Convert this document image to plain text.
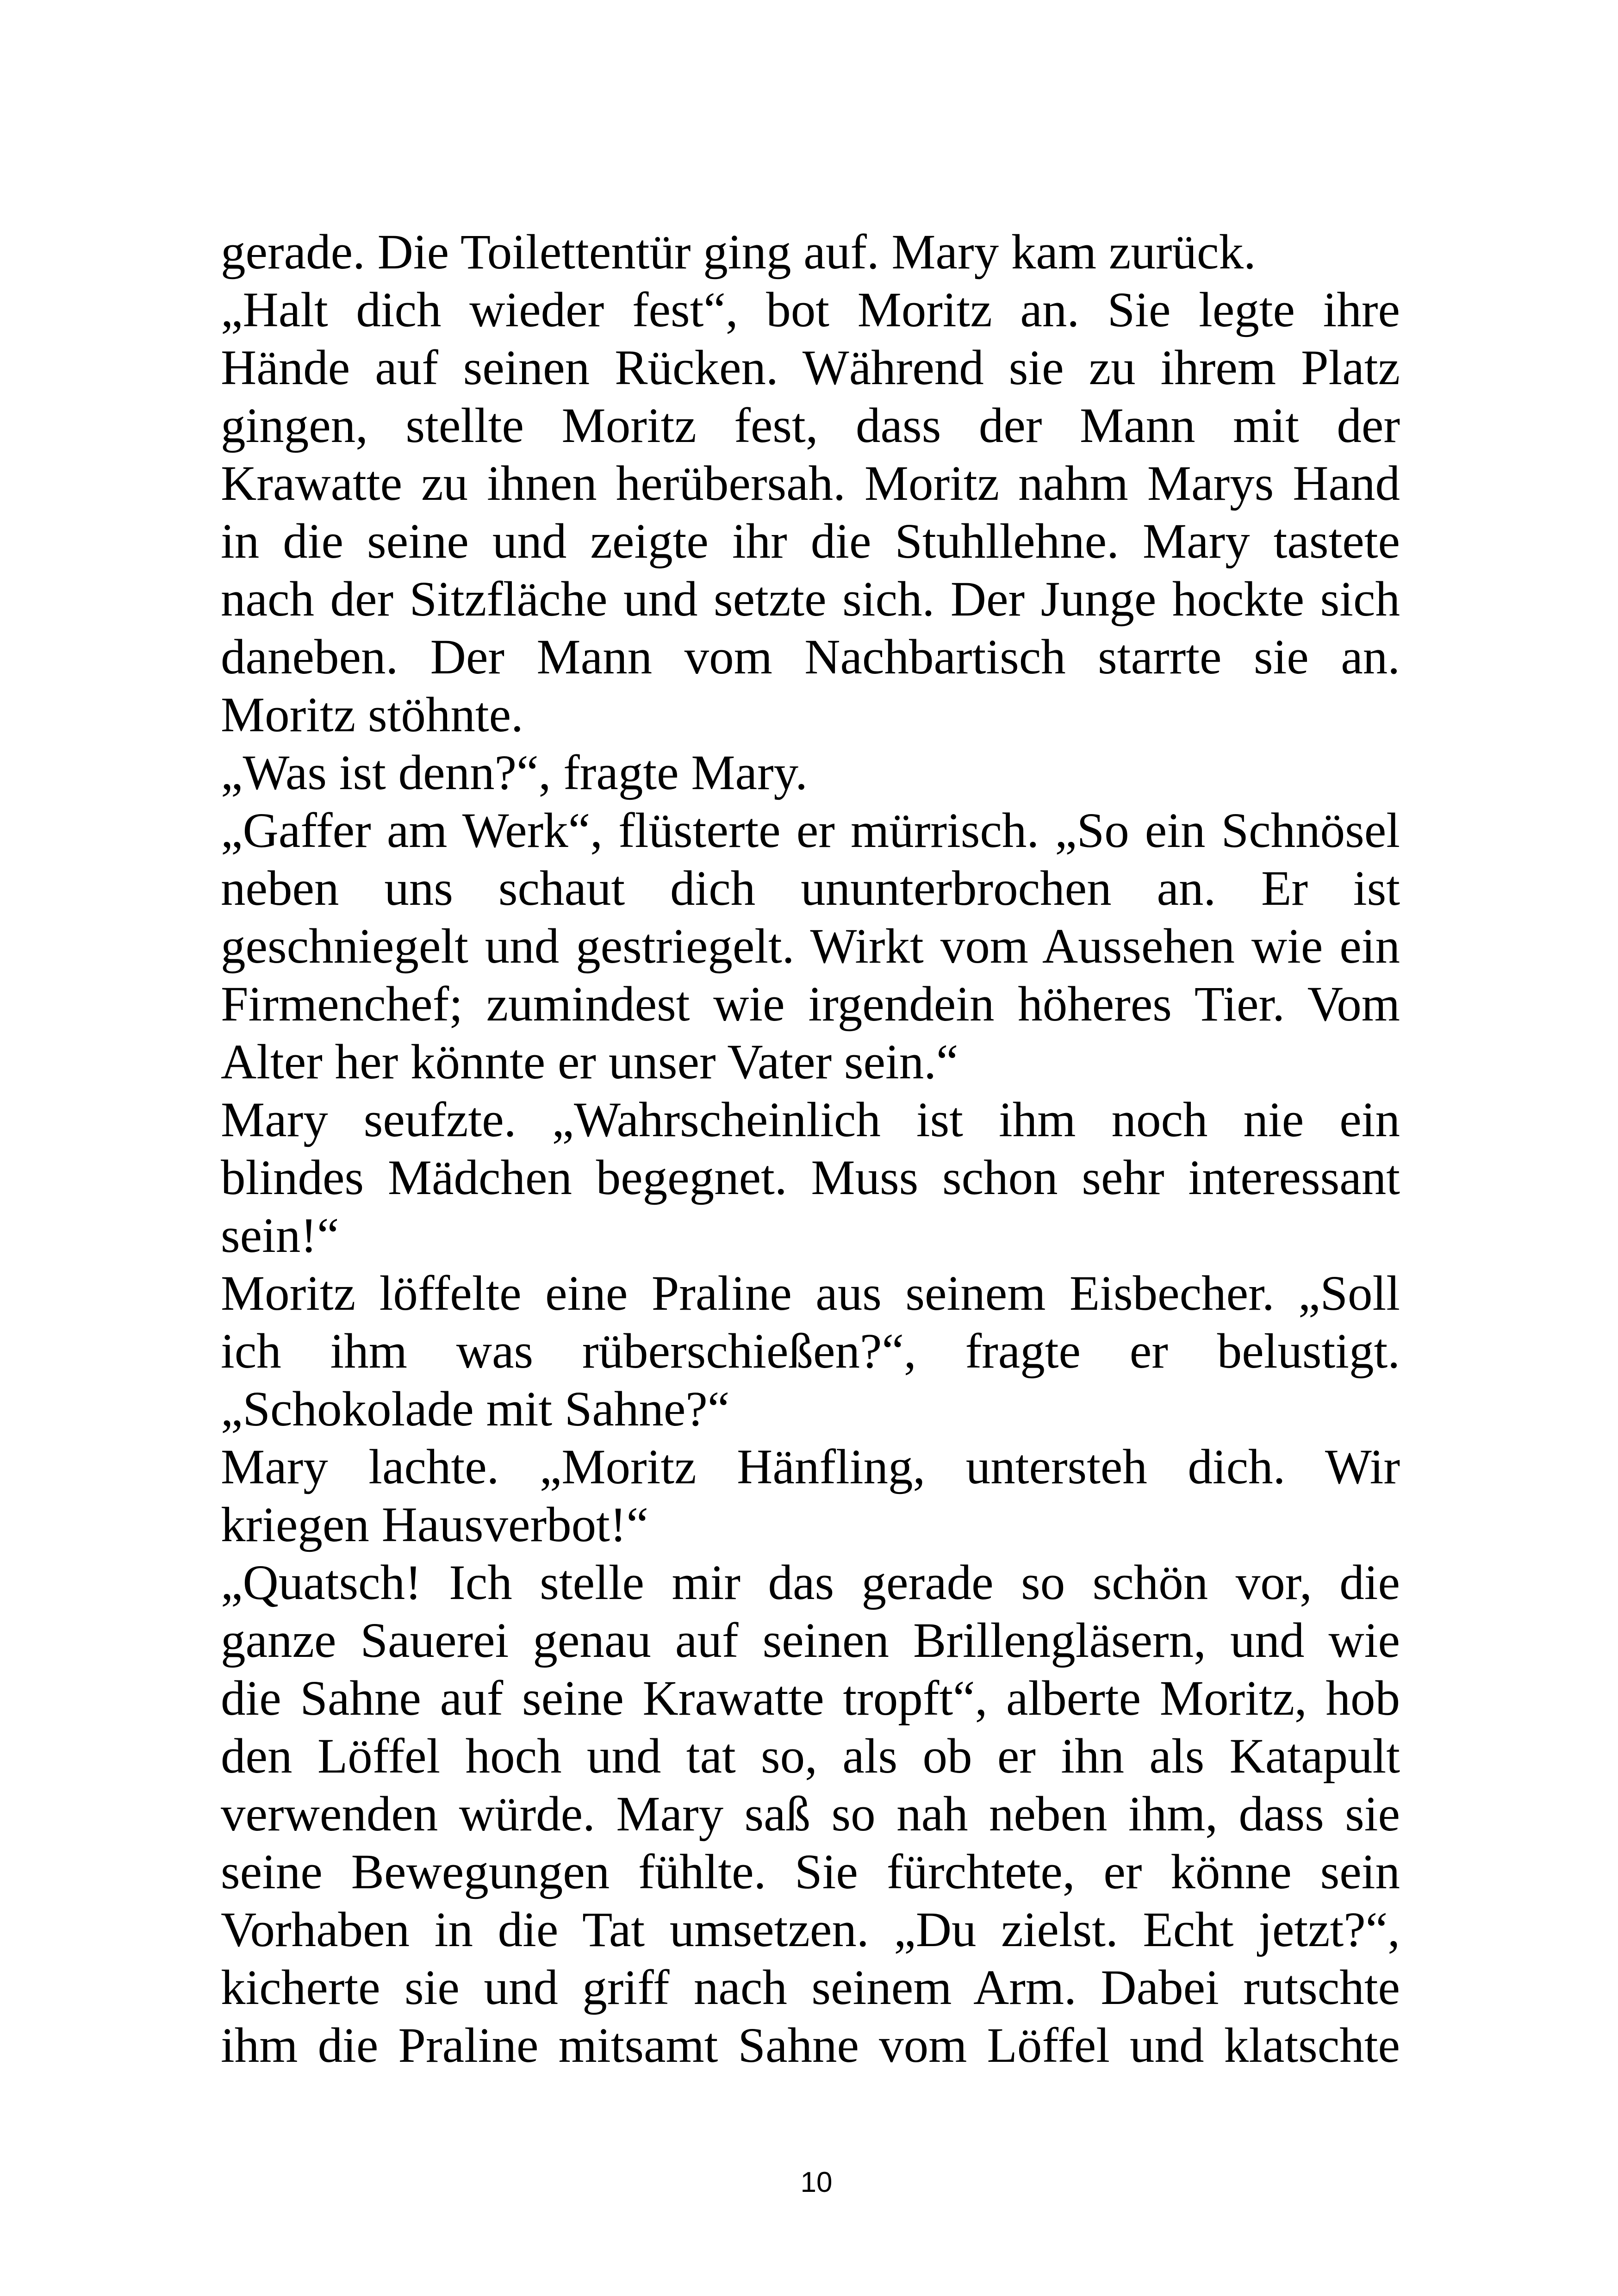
gerade. Die Toilettentür ging auf. Mary kam zurück.
„Halt dich wieder fest“, bot Moritz an. Sie legte ihre
Hände auf seinen Rücken. Während sie zu ihrem Platz
gingen, stellte Moritz fest, dass der Mann mit der
Krawatte zu ihnen herübersah. Moritz nahm Marys Hand
in die seine und zeigte ihr die Stuhllehne. Mary tastete
nach der Sitzfläche und setzte sich. Der Junge hockte sich
daneben. Der Mann vom Nachbartisch starrte sie an.
Moritz stöhnte.
„Was ist denn?“, fragte Mary.
„Gaffer am Werk“, flüsterte er mürrisch. „So ein Schnösel
neben uns schaut dich ununterbrochen an. Er ist
geschniegelt und gestriegelt. Wirkt vom Aussehen wie ein
Firmenchef; zumindest wie irgendein höheres Tier. Vom
Alter her könnte er unser Vater sein.“
Mary seufzte. „Wahrscheinlich ist ihm noch nie ein
blindes Mädchen begegnet. Muss schon sehr interessant
sein!“
Moritz löffelte eine Praline aus seinem Eisbecher. „Soll
ich ihm was rüberschießen?“, fragte er belustigt.
„Schokolade mit Sahne?“
Mary lachte. „Moritz Hänfling, untersteh dich. Wir
kriegen Hausverbot!“
„Quatsch! Ich stelle mir das gerade so schön vor, die
ganze Sauerei genau auf seinen Brillengläsern, und wie
die Sahne auf seine Krawatte tropft“, alberte Moritz, hob
den Löffel hoch und tat so, als ob er ihn als Katapult
verwenden würde. Mary saß so nah neben ihm, dass sie
seine Bewegungen fühlte. Sie fürchtete, er könne sein
Vorhaben in die Tat umsetzen. „Du zielst. Echt jetzt?“,
kicherte sie und griff nach seinem Arm. Dabei rutschte
ihm die Praline mitsamt Sahne vom Löffel und klatschte
10
